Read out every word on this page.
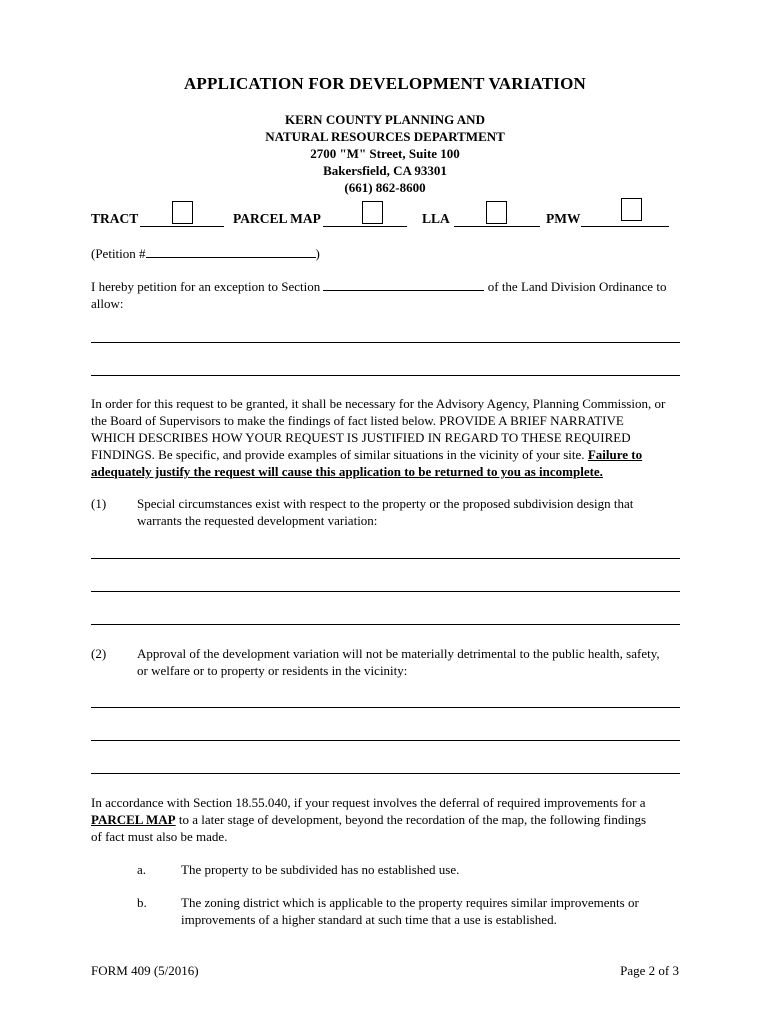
APPLICATION FOR DEVELOPMENT VARIATION
KERN COUNTY PLANNING AND
NATURAL RESOURCES DEPARTMENT
2700 "M" Street, Suite 100
Bakersfield, CA 93301
(661) 862-8600
TRACT	PARCEL MAP	LLA	PMW
(Petition #	)
I hereby petition for an exception to Section	of the Land Division Ordinance to
allow:
In order for this request to be granted, it shall be necessary for the Advisory Agency, Planning Commission, or
the Board of Supervisors to make the findings of fact listed below. PROVIDE A BRIEF NARRATIVE
WHICH DESCRIBES HOW YOUR REQUEST IS JUSTIFIED IN REGARD TO THESE REQUIRED
FINDINGS. Be specific, and provide examples of similar situations in the vicinity of your site. Failure to
adequately justify the request will cause this application to be returned to you as incomplete.
(1) Special circumstances exist with respect to the property or the proposed subdivision design that
warrants the requested development variation:
(2) Approval of the development variation will not be materially detrimental to the public health, safety,
or welfare or to property or residents in the vicinity:
In accordance with Section 18.55.040, if your request involves the deferral of required improvements for a
PARCEL MAP to a later stage of development, beyond the recordation of the map, the following findings
of fact must also be made.
a.	The property to be subdivided has no established use.
b.	The zoning district which is applicable to the property requires similar improvements or
improvements of a higher standard at such time that a use is established.
FORM 409 (5/2016)	Page 2 of 3
